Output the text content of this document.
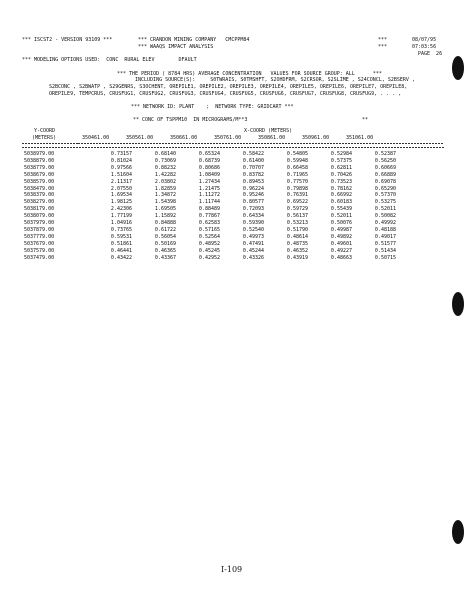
*** ISCST2 - VERSION 93109 ***	*** CRANDON MINING COMPANY   CMCPPM84
*** WAAQS IMPACT ANALYSIS
***
***
08/07/95
07:03:56
PAGE  26
*** MODELING OPTIONS USED:  CONC  RURAL ELEV        DFAULT
*** THE PERIOD ( 8784 HRS) AVERAGE CONCENTRATION   VALUES FOR SOURCE GROUP: ALL      ***
INCLUDING SOURCE(S):     S0TWRAIS, S0TMSHFT, S2OHDFRM, S2CRSOR, S2SLIME , S24CONCL, S2BSERV ,
S2BCONC , S2BWATP , S29GENRS, S3OCHENT, OREPILE1, OREPILE2, OREPILE3, OREPILE4, OREPILE5, OREPILE6, OREPILE7, OREPILE8,
OREPILE9, TEMPCRUS, CRUSFUG1, CRUSFUG2, CRUSFUG3, CRUSFUG4, CRUSFUG5, CRUSFUG6, CRUSFUG7, CRUSFUG8, CRUSFUG9, . . . ,
*** NETWORK ID: PLANT    ;  NETWORK TYPE: GRIDCART ***
** CONC OF TSPPM10  IN MICROGRAMS/M**3	**
Y-COORD
(METERS)
X-COORD (METERS)
350461.00	350561.00	350661.00	350761.00	350861.00	350961.00	351061.00
5038979.00	0.73157	0.68140	0.65324	0.58422	0.54805	0.52984	0.52387
5038879.00	0.81024	0.73069	0.68739	0.61400	0.59948	0.57375	0.56250
5038779.00	0.97566	0.88232	0.80686	0.70707	0.66458	0.62811	0.60669
5038679.00	1.51604	1.42282	1.08409	0.83782	0.71965	0.70426	0.66889
5038579.00	2.11317	2.03802	1.27434	0.89453	0.77570	0.73523	0.69078
5038479.00	2.07550	1.82859	1.21475	0.96224	0.79898	0.78162	0.65290
5038379.00	1.69534	1.34872	1.11272	0.95246	0.76391	0.66992	0.57370
5038279.00	1.98125	1.54398	1.11744	0.80577	0.69522	0.60183	0.53275
5038179.00	2.42306	1.69505	0.88489	0.72093	0.59729	0.55439	0.52011
5038079.00	1.77199	1.15892	0.77867	0.64334	0.56137	0.52011	0.50082
5037979.00	1.04916	0.84888	0.62583	0.59390	0.53213	0.50076	0.49992
5037879.00	0.73765	0.61722	0.57165	0.52540	0.51790	0.49987	0.48188
5037779.00	0.59531	0.56054	0.52564	0.49973	0.48614	0.49892	0.49017
5037679.00	0.51861	0.50169	0.48952	0.47491	0.48735	0.49601	0.51577
5037579.00	0.46441	0.46365	0.45245	0.45244	0.46352	0.49227	0.51434
5037479.00	0.43422	0.43367	0.42952	0.43326	0.43919	0.48663	0.50715
I-109
